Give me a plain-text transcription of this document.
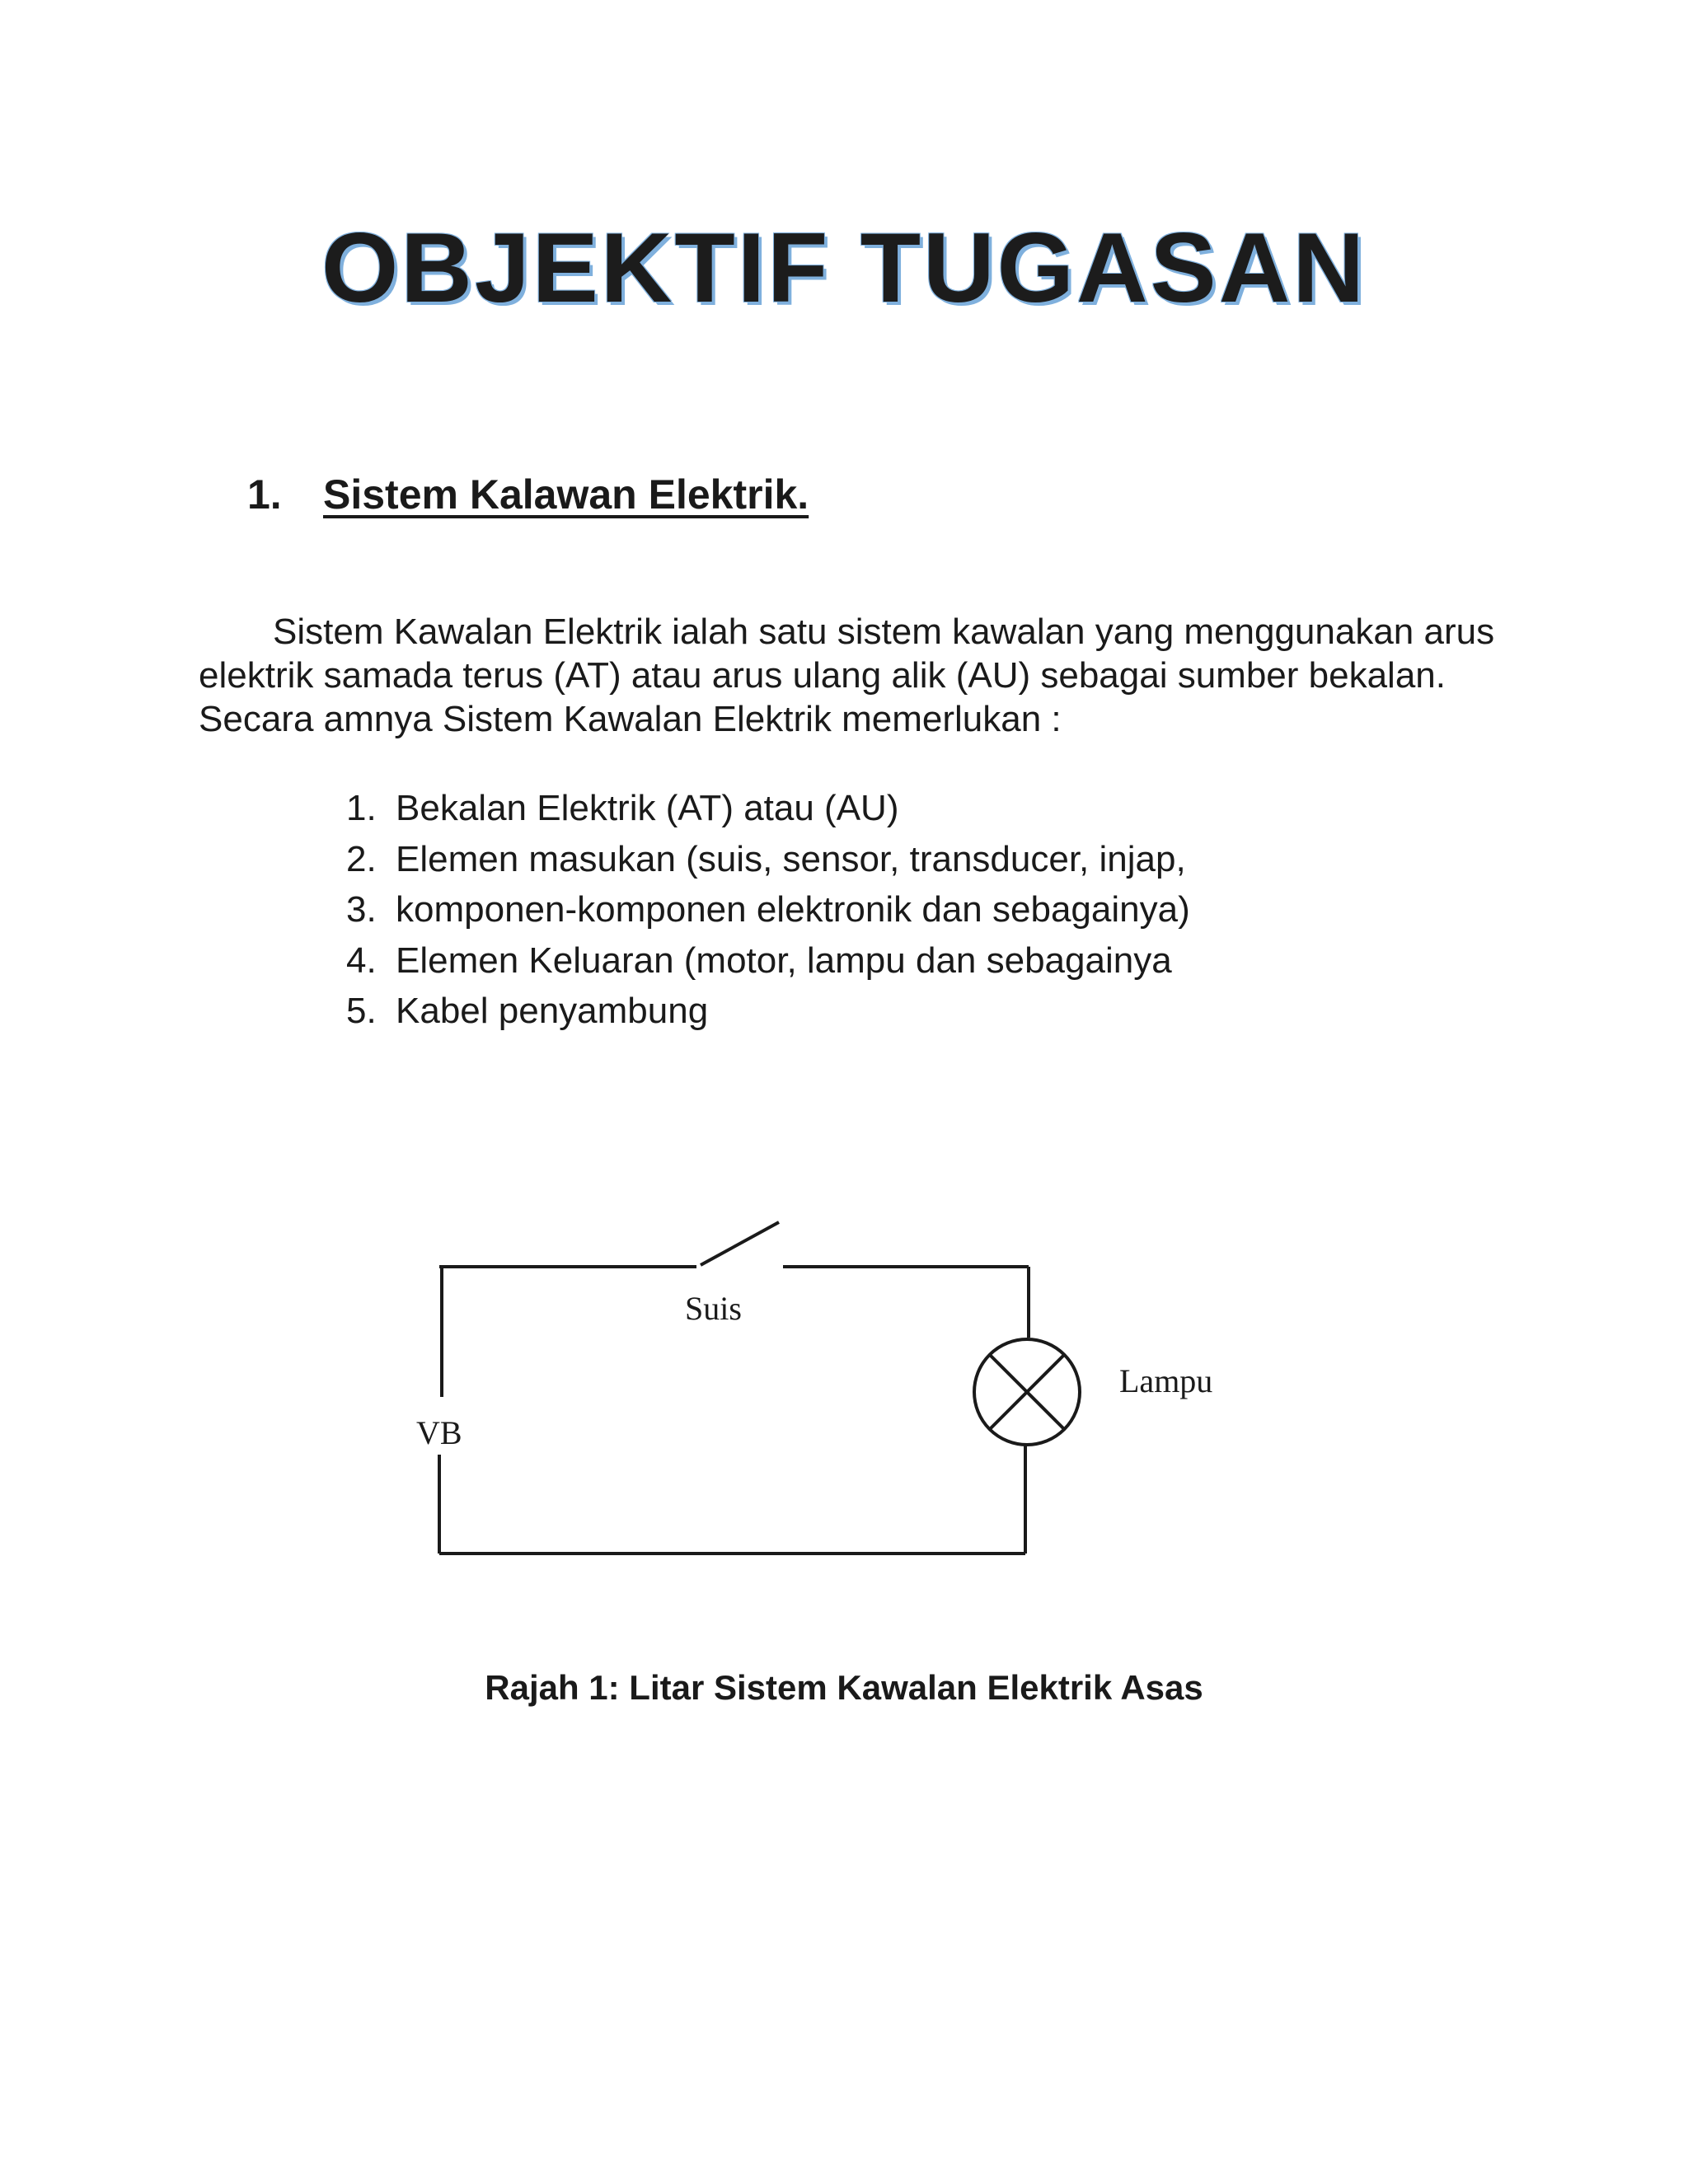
OBJEKTIF TUGASAN
1. Sistem Kalawan Elektrik.

Sistem Kawalan Elektrik ialah satu sistem kawalan yang menggunakan arus elektrik samada terus (AT) atau arus ulang alik (AU) sebagai sumber bekalan. Secara amnya Sistem Kawalan Elektrik memerlukan :

1. Bekalan Elektrik (AT) atau (AU)
2. Elemen masukan (suis, sensor, transducer, injap,
3. komponen-komponen elektronik dan sebagainya)
4. Elemen Keluaran (motor, lampu dan sebagainya
5. Kabel penyambung
Suis
Lampu
VB

Rajah 1: Litar Sistem Kawalan Elektrik Asas
